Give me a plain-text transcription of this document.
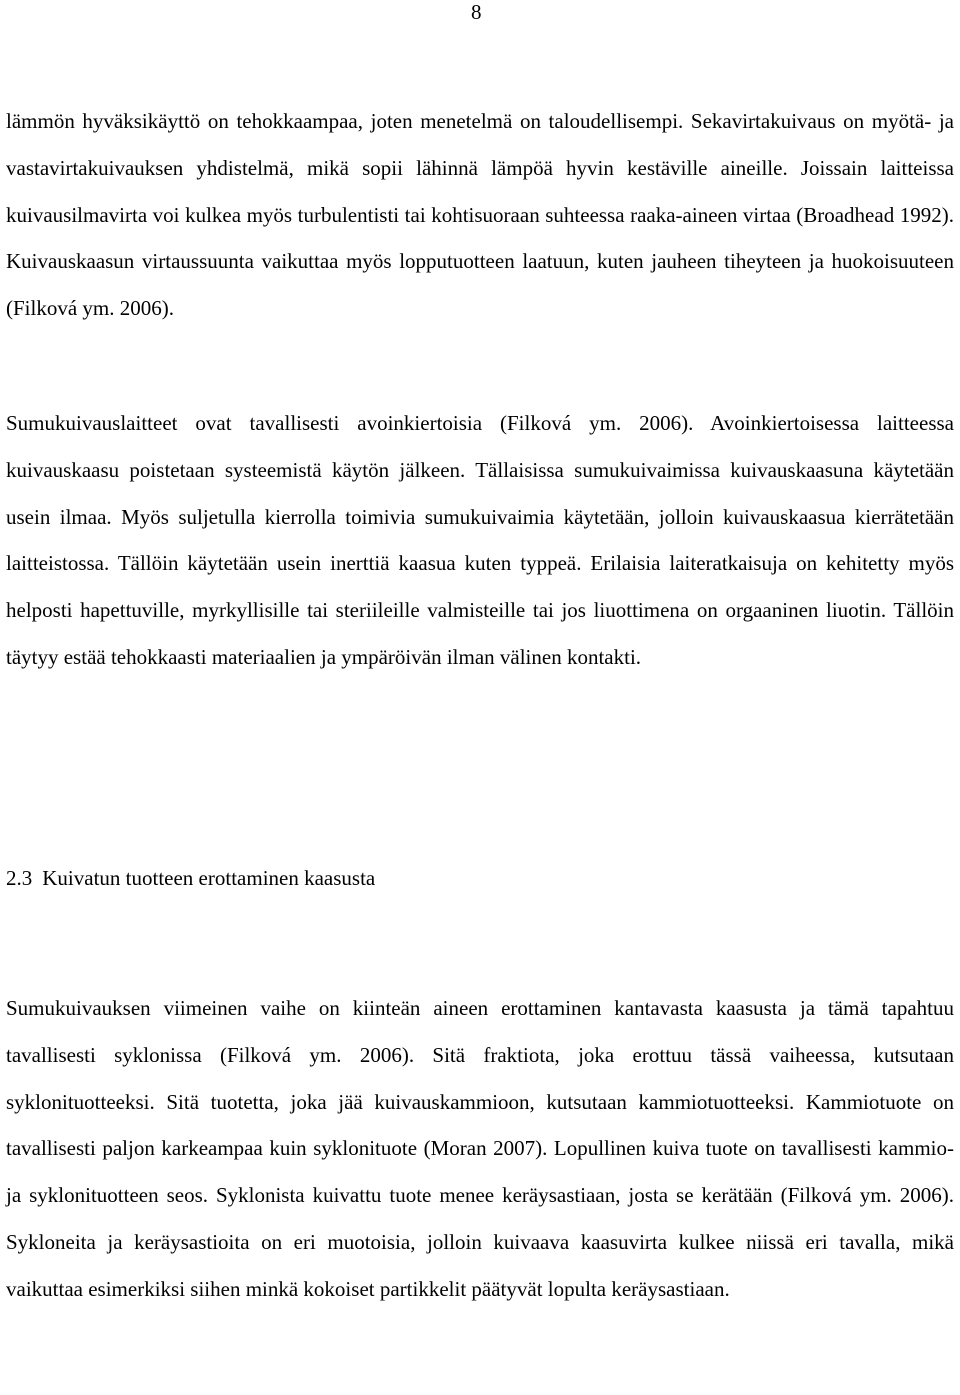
8

lämmön hyväksikäyttö on tehokkaampaa, joten menetelmä on taloudellisempi. Sekavirtakuivaus on myötä- ja vastavirtakuivauksen yhdistelmä, mikä sopii lähinnä lämpöä hyvin kestäville aineille. Joissain laitteissa kuivausilmavirta voi kulkea myös turbulentisti tai kohtisuoraan suhteessa raaka-aineen virtaa (Broadhead 1992). Kuivauskaasun virtaussuunta vaikuttaa myös lopputuotteen laatuun, kuten jauheen tiheyteen ja huokoisuuteen (Filková ym. 2006).

Sumukuivauslaitteet ovat tavallisesti avoinkiertoisia (Filková ym. 2006). Avoinkiertoisessa laitteessa kuivauskaasu poistetaan systeemistä käytön jälkeen. Tällaisissa sumukuivaimissa kuivauskaasuna käytetään usein ilmaa. Myös suljetulla kierrolla toimivia sumukuivaimia käytetään, jolloin kuivauskaasua kierrätetään laitteistossa. Tällöin käytetään usein inerttiä kaasua kuten typpeä. Erilaisia laiteratkaisuja on kehitetty myös helposti hapettuville, myrkyllisille tai steriileille valmisteille tai jos liuottimena on orgaaninen liuotin. Tällöin täytyy estää tehokkaasti materiaalien ja ympäröivän ilman välinen kontakti.

2.3 Kuivatun tuotteen erottaminen kaasusta

Sumukuivauksen viimeinen vaihe on kiinteän aineen erottaminen kantavasta kaasusta ja tämä tapahtuu tavallisesti syklonissa (Filková ym. 2006). Sitä fraktiota, joka erottuu tässä vaiheessa, kutsutaan syklonituotteeksi. Sitä tuotetta, joka jää kuivauskammioon, kutsutaan kammiotuotteeksi. Kammiotuote on tavallisesti paljon karkeampaa kuin syklonituote (Moran 2007). Lopullinen kuiva tuote on tavallisesti kammio- ja syklonituotteen seos. Syklonista kuivattu tuote menee keräysastiaan, josta se kerätään (Filková ym. 2006). Sykloneita ja keräysastioita on eri muotoisia, jolloin kuivaava kaasuvirta kulkee niissä eri tavalla, mikä vaikuttaa esimerkiksi siihen minkä kokoiset partikkelit päätyvät lopulta keräysastiaan.
